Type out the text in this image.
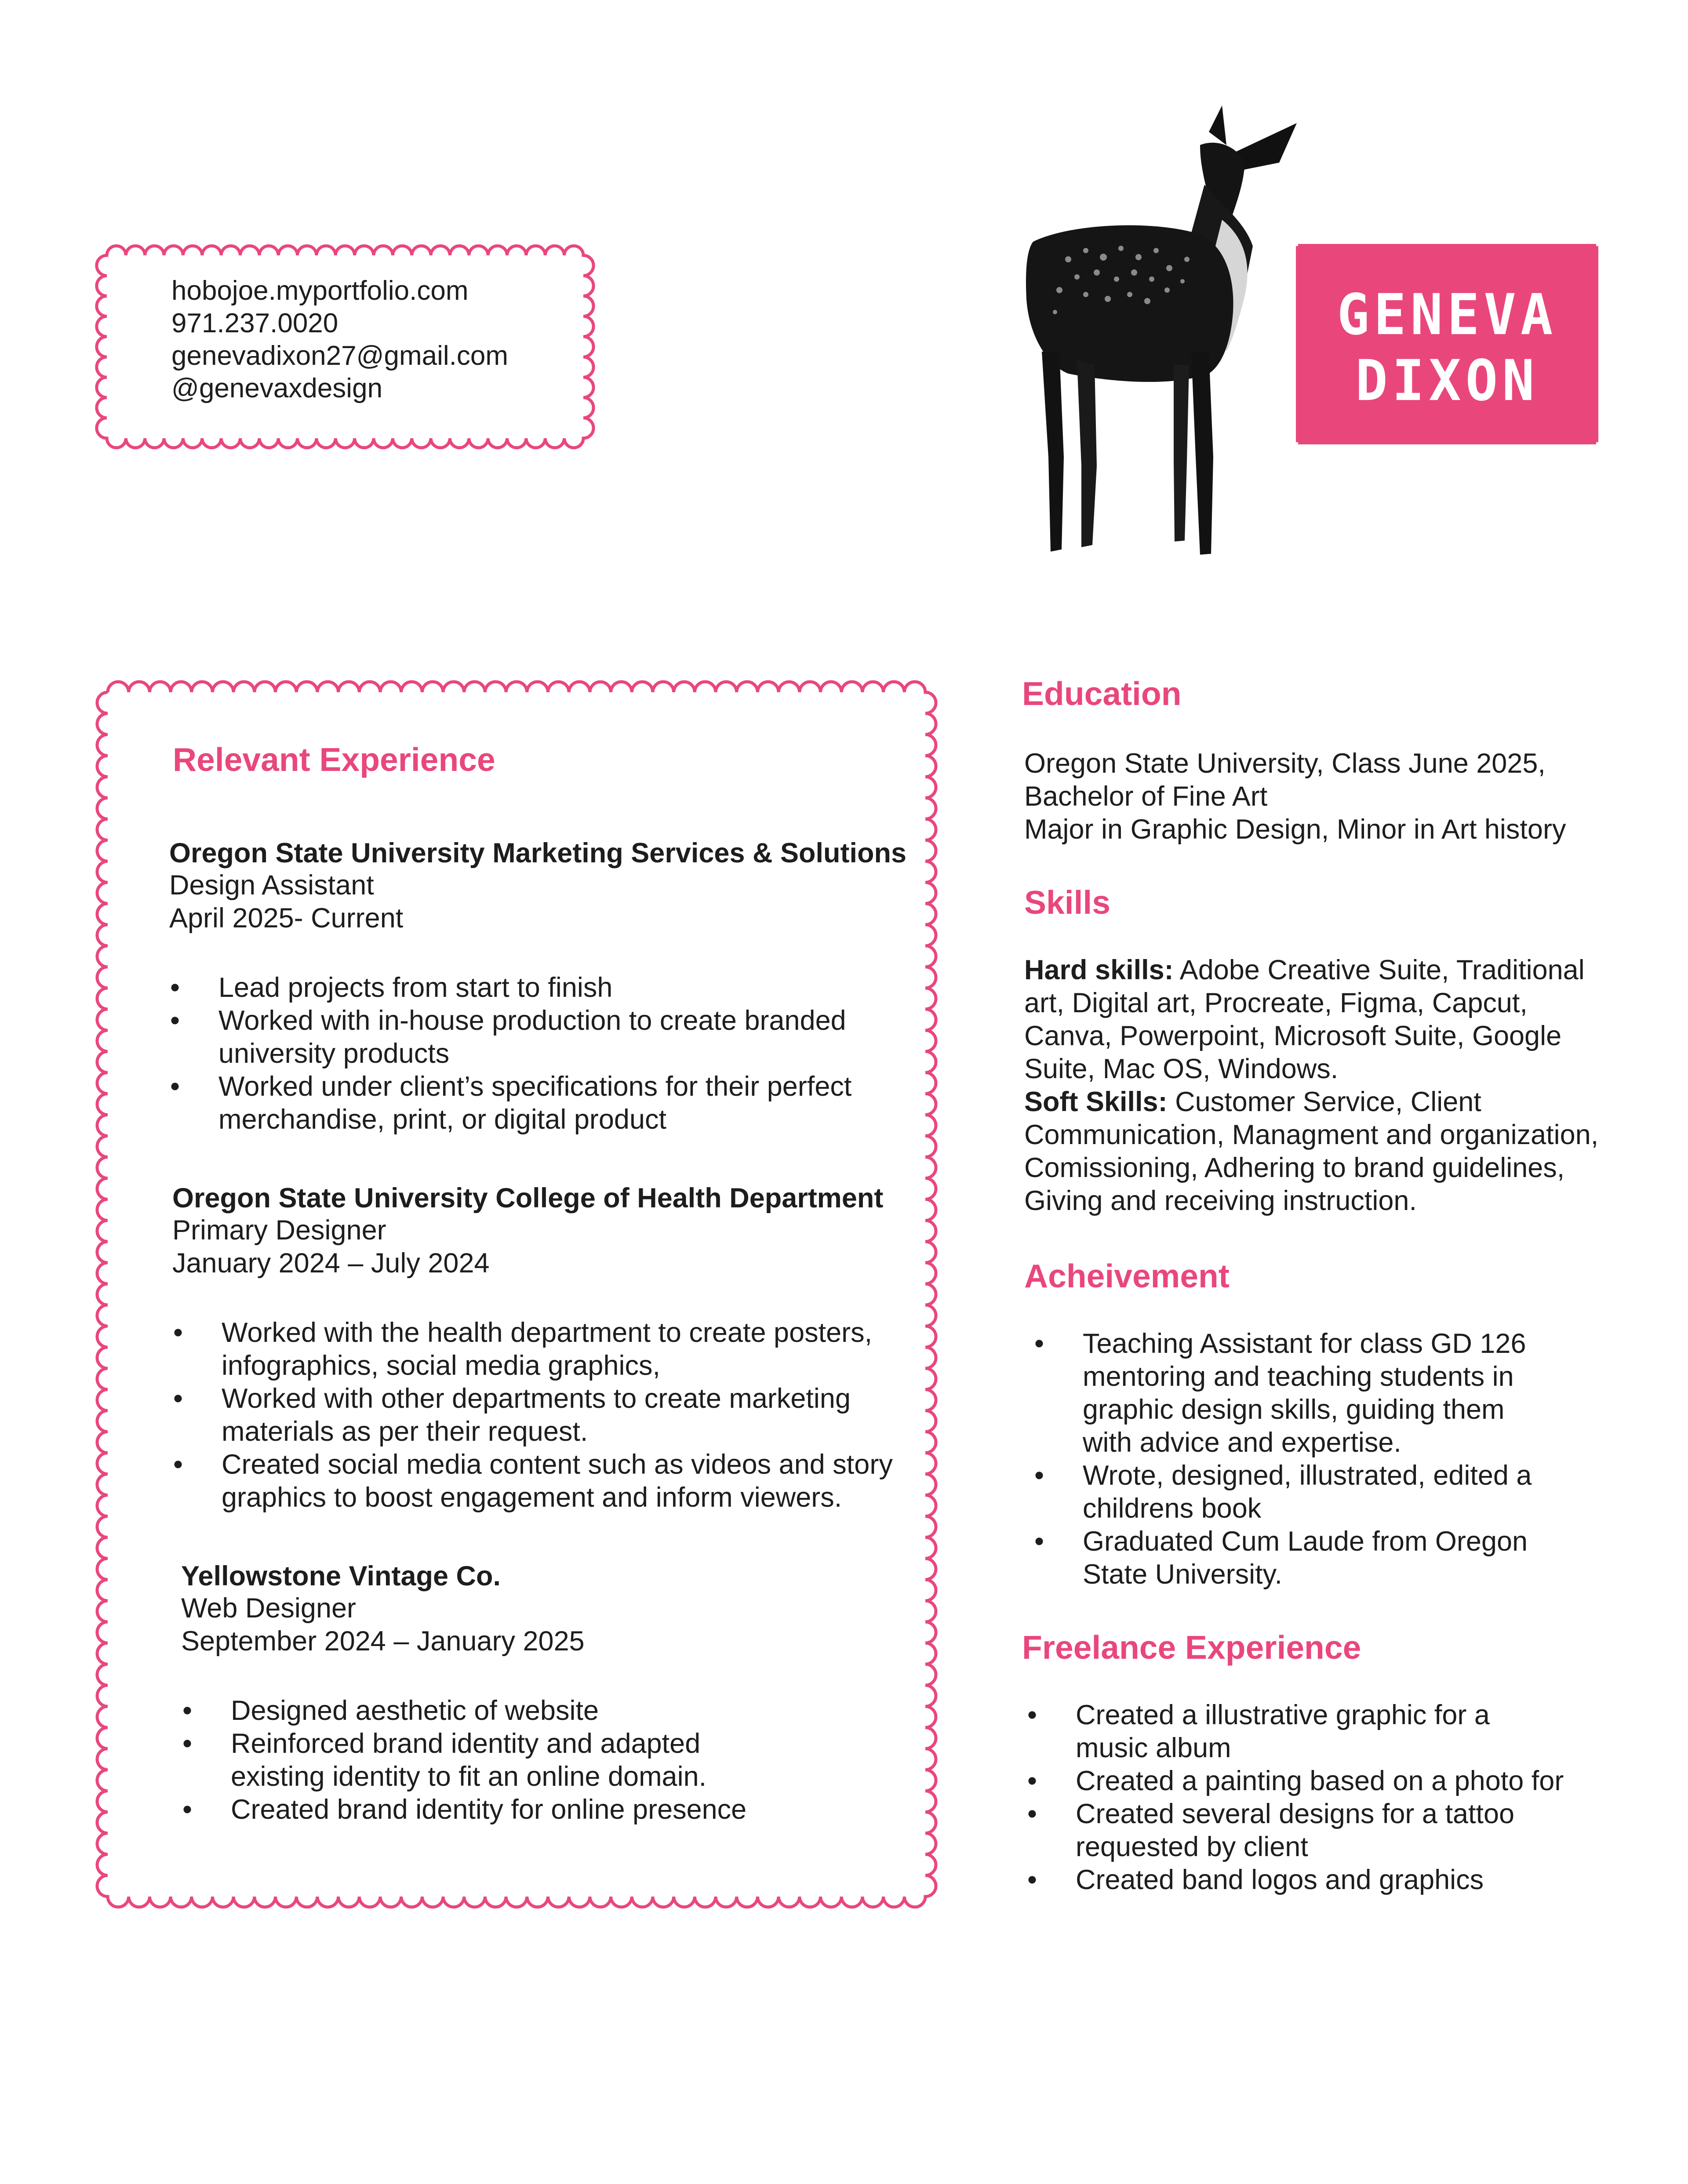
hobojoe.myportfolio.com
971.237.0020
genevadixon27@gmail.com
@genevaxdesign
GENEVA
DIXON
Relevant Experience
Oregon State University Marketing Services & Solutions
Design Assistant
April 2025- Current
• Lead projects from start to finish
• Worked with in-house production to create branded
university products
• Worked under client’s specifications for their perfect
merchandise, print, or digital product
Oregon State University College of Health Department
Primary Designer
January 2024 – July 2024
• Worked with the health department to create posters,
infographics, social media graphics,
• Worked with other departments to create marketing
materials as per their request.
• Created social media content such as videos and story
graphics to boost engagement and inform viewers.
Yellowstone Vintage Co.
Web Designer
September 2024 – January 2025
• Designed aesthetic of website
• Reinforced brand identity and adapted
existing identity to fit an online domain.
• Created brand identity for online presence
Education
Oregon State University, Class June 2025,
Bachelor of Fine Art
Major in Graphic Design, Minor in Art history
Skills
Hard skills: Adobe Creative Suite, Traditional
art, Digital art, Procreate, Figma, Capcut,
Canva, Powerpoint, Microsoft Suite, Google
Suite, Mac OS, Windows.
Soft Skills: Customer Service, Client
Communication, Managment and organization,
Comissioning, Adhering to brand guidelines,
Giving and receiving instruction.
Acheivement
• Teaching Assistant for class GD 126
mentoring and teaching students in
graphic design skills, guiding them
with advice and expertise.
• Wrote, designed, illustrated, edited a
childrens book
• Graduated Cum Laude from Oregon
State University.
Freelance Experience
• Created a illustrative graphic for a
music album
• Created a painting based on a photo for
• Created several designs for a tattoo
requested by client
• Created band logos and graphics
